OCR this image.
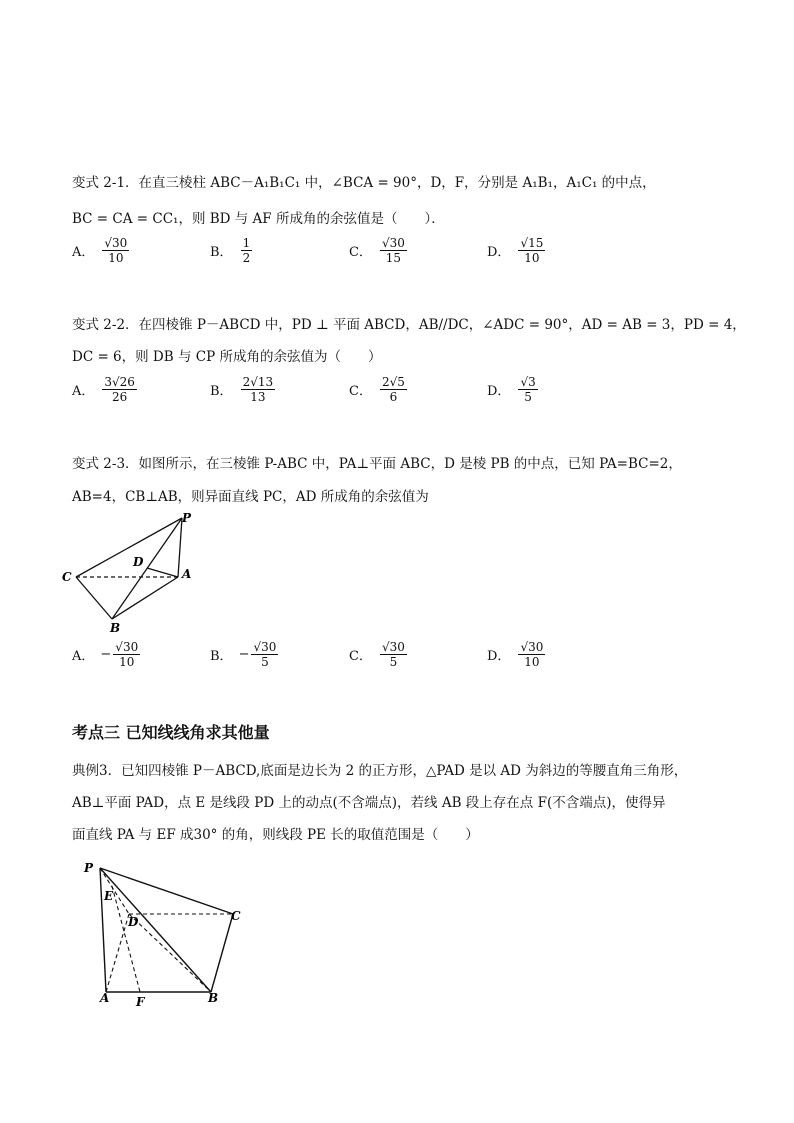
变式 2-1．在直三棱柱 ABC－A₁B₁C₁ 中，∠BCA = 90°，D，F，分别是 A₁B₁，A₁C₁ 的中点，
BC = CA = CC₁，则 BD 与 AF 所成角的余弦值是（　　）．
A． $\frac{√30}{10}$	B． $\frac{1}{2}$	C． $\frac{√30}{15}$	D． $\frac{√15}{10}$
变式 2-2．在四棱锥 P－ABCD 中，PD ⊥ 平面 ABCD，AB//DC，∠ADC = 90°，AD = AB = 3，PD = 4，
DC = 6，则 DB 与 CP 所成角的余弦值为（　　）
A． $\frac{3√26}{26}$	B． $\frac{2√13}{13}$	C． $\frac{2√5}{6}$	D． $\frac{√3}{5}$
变式 2-3．如图所示，在三棱锥 P-ABC 中，PA⊥平面 ABC，D 是棱 PB 的中点，已知 PA=BC=2，
AB=4，CB⊥AB，则异面直线 PC，AD 所成角的余弦值为
P
D
C	A
B
A． − $\frac{√30}{10}$	B． − $\frac{√30}{5}$	C． $\frac{√30}{5}$	D． $\frac{√30}{10}$
考点三 已知线线角求其他量
典例3．已知四棱锥 P－ABCD,底面是边长为 2 的正方形，△PAD 是以 AD 为斜边的等腰直角三角形，
AB⊥平面 PAD，点 E 是线段 PD 上的动点(不含端点)，若线 AB 段上存在点 F(不含端点)，使得异
面直线 PA 与 EF 成30° 的角，则线段 PE 长的取值范围是（　　）
P
E
D	C
A F	B
